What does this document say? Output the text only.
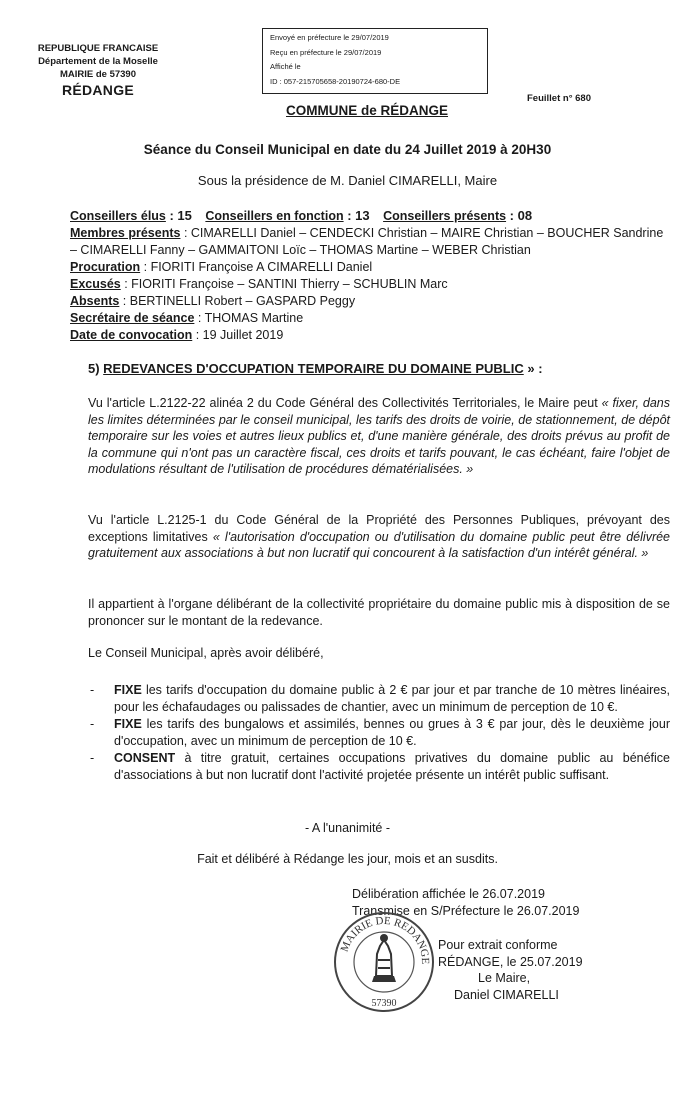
REPUBLIQUE FRANCAISE
Département de la Moselle
MAIRIE de 57390
RÉDANGE
Envoyé en préfecture le 29/07/2019
Reçu en préfecture le 29/07/2019
Affiché le
ID : 057-215705658-20190724-680-DE
COMMUNE de RÉDANGE
Feuillet n° 680
Séance du Conseil Municipal en date du 24 Juillet 2019 à 20H30
Sous la présidence de M. Daniel CIMARELLI, Maire
Conseillers élus : 15 Conseillers en fonction : 13 Conseillers présents : 08
Membres présents : CIMARELLI Daniel – CENDECKI Christian – MAIRE Christian – BOUCHER Sandrine – CIMARELLI Fanny – GAMMAITONI Loïc – THOMAS Martine – WEBER Christian
Procuration : FIORITI Françoise A CIMARELLI Daniel
Excusés : FIORITI Françoise – SANTINI Thierry – SCHUBLIN Marc
Absents : BERTINELLI Robert – GASPARD Peggy
Secrétaire de séance : THOMAS Martine
Date de convocation : 19 Juillet 2019
5) REDEVANCES D'OCCUPATION TEMPORAIRE DU DOMAINE PUBLIC » :
Vu l'article L.2122-22 alinéa 2 du Code Général des Collectivités Territoriales, le Maire peut « fixer, dans les limites déterminées par le conseil municipal, les tarifs des droits de voirie, de stationnement, de dépôt temporaire sur les voies et autres lieux publics et, d'une manière générale, des droits prévus au profit de la commune qui n'ont pas un caractère fiscal, ces droits et tarifs pouvant, le cas échéant, faire l'objet de modulations résultant de l'utilisation de procédures dématérialisées. »
Vu l'article L.2125-1 du Code Général de la Propriété des Personnes Publiques, prévoyant des exceptions limitatives « l'autorisation d'occupation ou d'utilisation du domaine public peut être délivrée gratuitement aux associations à but non lucratif qui concourent à la satisfaction d'un intérêt général. »
Il appartient à l'organe délibérant de la collectivité propriétaire du domaine public mis à disposition de se prononcer sur le montant de la redevance.
Le Conseil Municipal, après avoir délibéré,
- FIXE les tarifs d'occupation du domaine public à 2 € par jour et par tranche de 10 mètres linéaires, pour les échafaudages ou palissades de chantier, avec un minimum de perception de 10 €.
- FIXE les tarifs des bungalows et assimilés, bennes ou grues à 3 € par jour, dès le deuxième jour d'occupation, avec un minimum de perception de 10 €.
- CONSENT à titre gratuit, certaines occupations privatives du domaine public au bénéfice d'associations à but non lucratif dont l'activité projetée présente un intérêt public suffisant.
- A l'unanimité -
Fait et délibéré à Rédange les jour, mois et an susdits.
Délibération affichée le 26.07.2019
Transmise en S/Préfecture le 26.07.2019
MAIRIE DE REDANGE
57390
Pour extrait conforme
RÉDANGE, le 25.07.2019
Le Maire,
Daniel CIMARELLI
